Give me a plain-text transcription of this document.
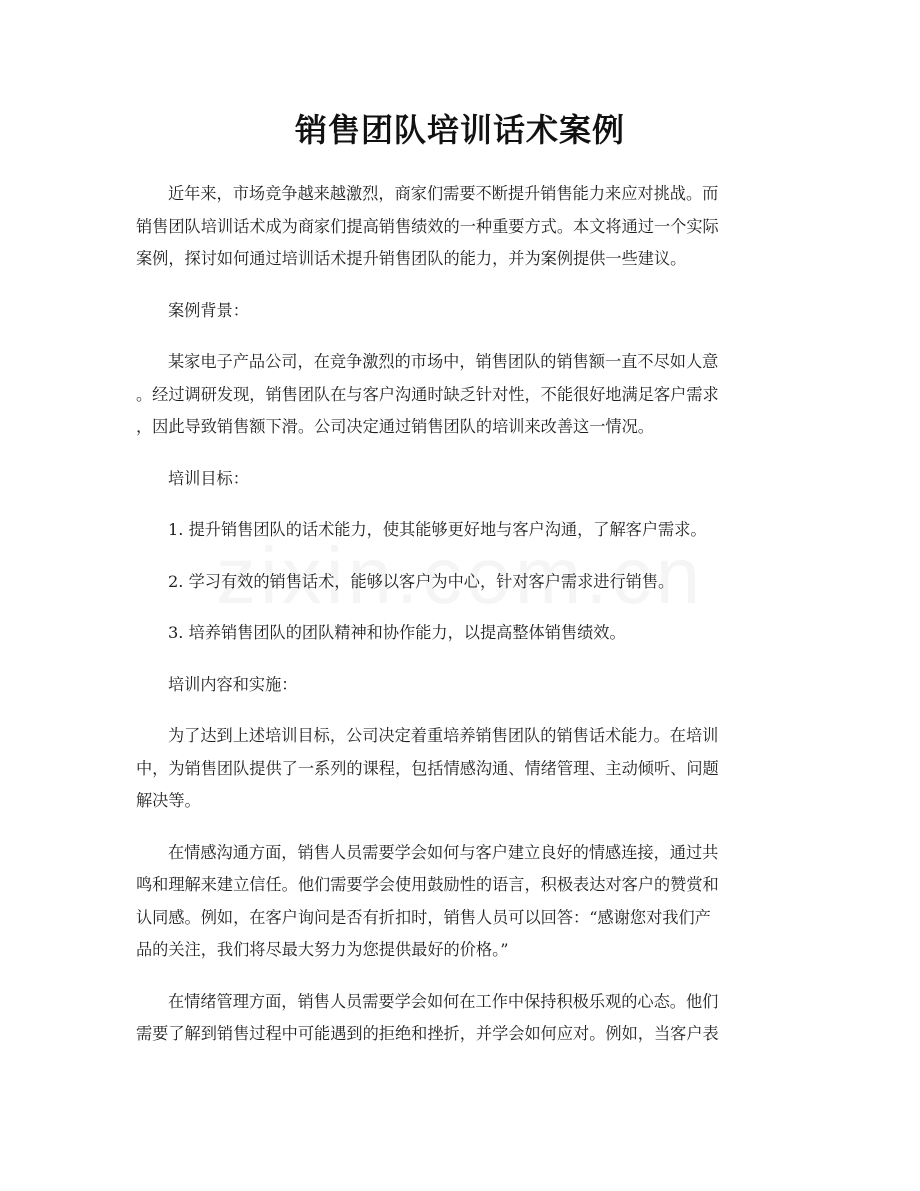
销售团队培训话术案例

近年来，市场竞争越来越激烈，商家们需要不断提升销售能力来应对挑战。而
销售团队培训话术成为商家们提高销售绩效的一种重要方式。本文将通过一个实际
案例，探讨如何通过培训话术提升销售团队的能力，并为案例提供一些建议。

案例背景：

某家电子产品公司，在竞争激烈的市场中，销售团队的销售额一直不尽如人意
。经过调研发现，销售团队在与客户沟通时缺乏针对性，不能很好地满足客户需求
，因此导致销售额下滑。公司决定通过销售团队的培训来改善这一情况。

培训目标：

1. 提升销售团队的话术能力，使其能够更好地与客户沟通，了解客户需求。

2. 学习有效的销售话术，能够以客户为中心，针对客户需求进行销售。

3. 培养销售团队的团队精神和协作能力，以提高整体销售绩效。

培训内容和实施：

为了达到上述培训目标，公司决定着重培养销售团队的销售话术能力。在培训
中，为销售团队提供了一系列的课程，包括情感沟通、情绪管理、主动倾听、问题
解决等。

在情感沟通方面，销售人员需要学会如何与客户建立良好的情感连接，通过共
鸣和理解来建立信任。他们需要学会使用鼓励性的语言，积极表达对客户的赞赏和
认同感。例如，在客户询问是否有折扣时，销售人员可以回答：“感谢您对我们产
品的关注，我们将尽最大努力为您提供最好的价格。”

在情绪管理方面，销售人员需要学会如何在工作中保持积极乐观的心态。他们
需要了解到销售过程中可能遇到的拒绝和挫折，并学会如何应对。例如，当客户表
